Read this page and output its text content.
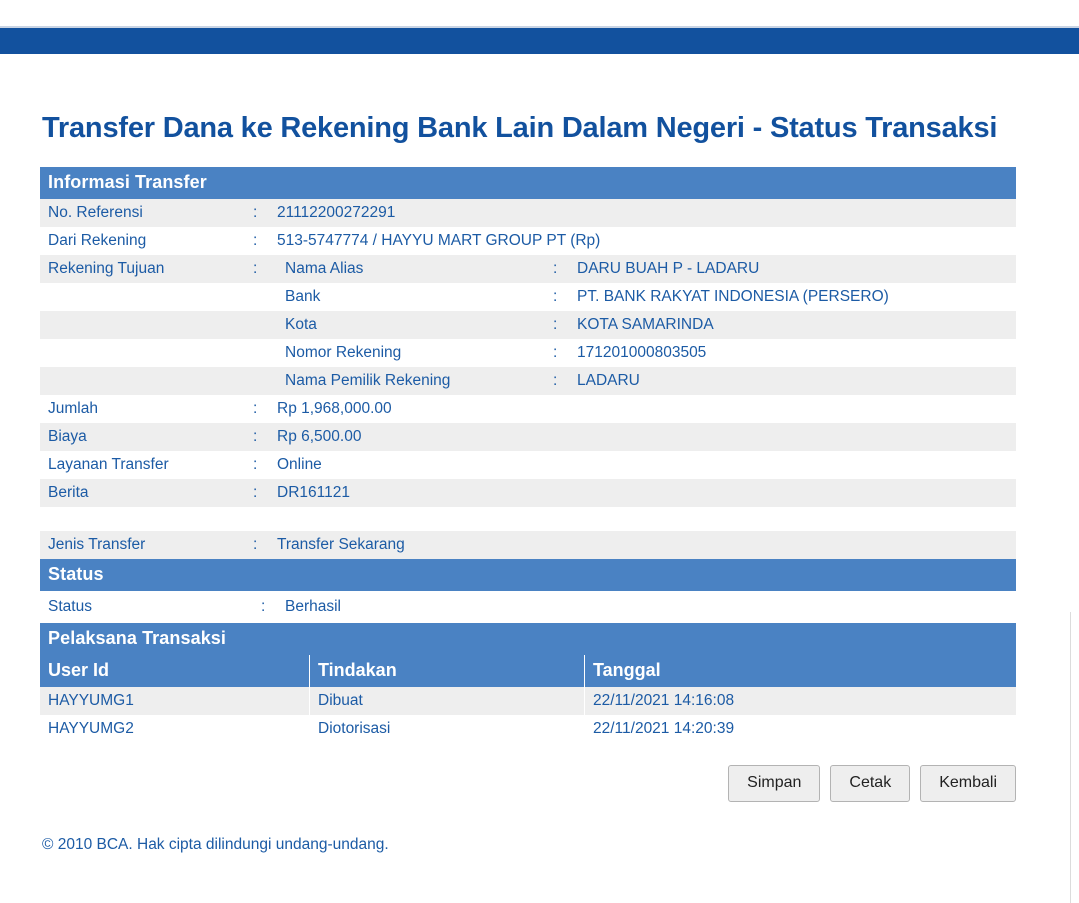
Transfer Dana ke Rekening Bank Lain Dalam Negeri - Status Transaksi
Informasi Transfer				
No. Referensi	:	21112200272291		
Dari Rekening	:	513-5747774 / HAYYU MART GROUP PT (Rp)		
Rekening Tujuan	:	Nama Alias	:	DARU BUAH P - LADARU
		Bank	:	PT. BANK RAKYAT INDONESIA (PERSERO)
		Kota	:	KOTA SAMARINDA
		Nomor Rekening	:	171201000803505
		Nama Pemilik Rekening	:	LADARU
Jumlah	:	Rp 1,968,000.00		
Biaya	:	Rp 6,500.00		
Layanan Transfer	:	Online		
Berita	:	DR161121		

Jenis Transfer	:	Transfer Sekarang		
Status				
Status	:	Berhasil		
Pelaksana Transaksi				
User Id	Tindakan	Tanggal
HAYYUMG1	Dibuat	22/11/2021 14:16:08
HAYYUMG2	Diotorisasi	22/11/2021 14:20:39
Simpan	Cetak	Kembali
© 2010 BCA. Hak cipta dilindungi undang-undang.
